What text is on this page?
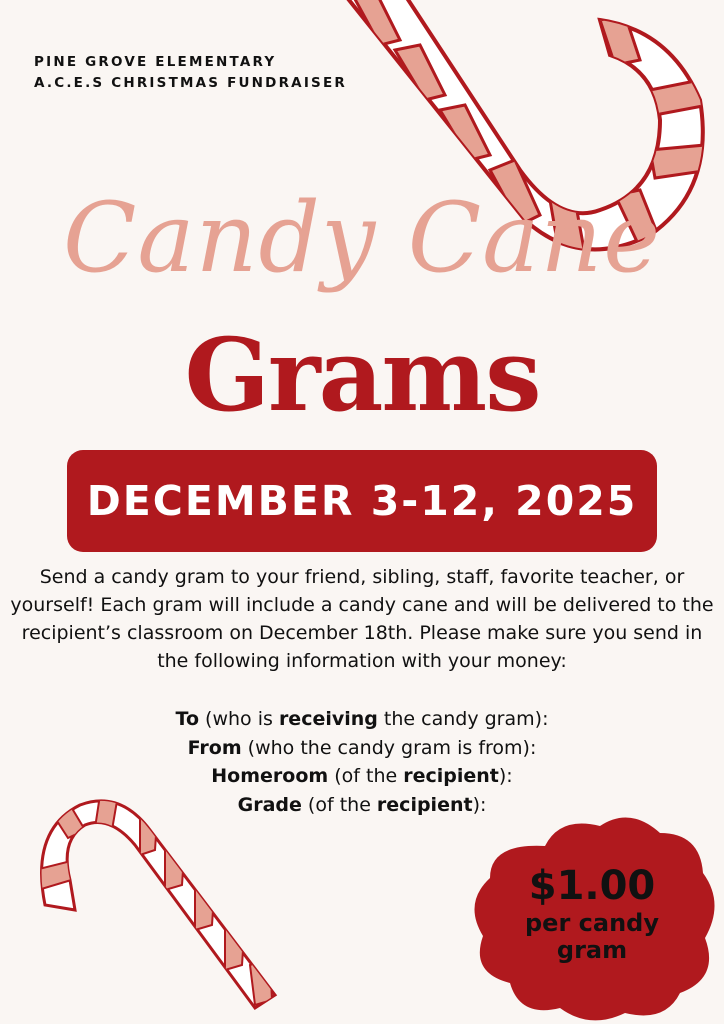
PINE GROVE ELEMENTARY
A.C.E.S CHRISTMAS FUNDRAISER
Candy Cane
Grams
DECEMBER 3-12, 2025

Send a candy gram to your friend, sibling, staff, favorite teacher, or yourself! Each gram will include a candy cane and will be delivered to the recipient’s classroom on December 18th. Please make sure you send in the following information with your money:

To (who is receiving the candy gram):
From (who the candy gram is from):
Homeroom (of the recipient):
Grade (of the recipient):
$1.00
per candy
gram
